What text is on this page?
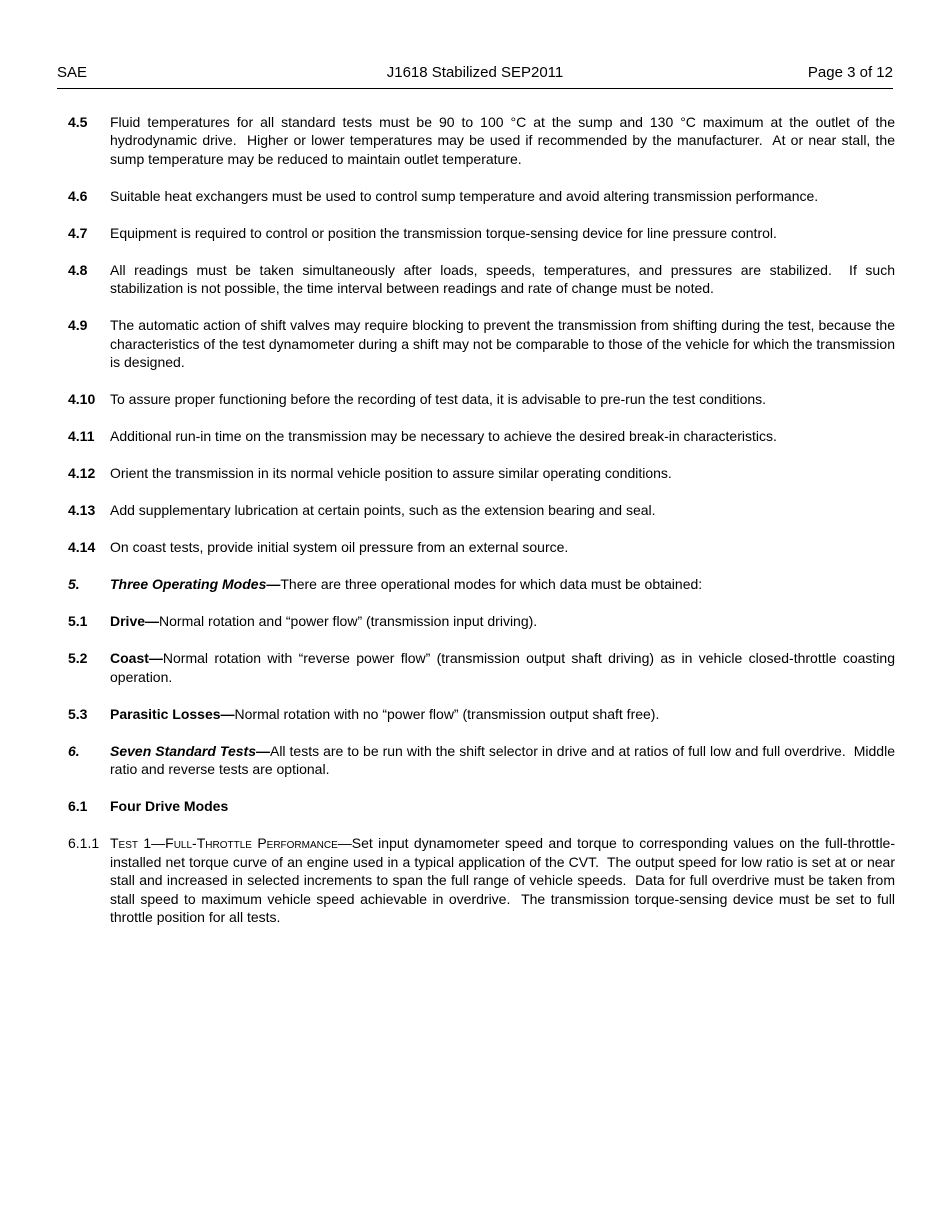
SAE	J1618 Stabilized SEP2011	Page 3 of 12
4.5	Fluid temperatures for all standard tests must be 90 to 100 °C at the sump and 130 °C maximum at the outlet of the hydrodynamic drive.  Higher or lower temperatures may be used if recommended by the manufacturer.  At or near stall, the sump temperature may be reduced to maintain outlet temperature.

4.6	Suitable heat exchangers must be used to control sump temperature and avoid altering transmission performance.

4.7	Equipment is required to control or position the transmission torque-sensing device for line pressure control.

4.8	All readings must be taken simultaneously after loads, speeds, temperatures, and pressures are stabilized.  If such stabilization is not possible, the time interval between readings and rate of change must be noted.

4.9	The automatic action of shift valves may require blocking to prevent the transmission from shifting during the test, because the characteristics of the test dynamometer during a shift may not be comparable to those of the vehicle for which the transmission is designed.

4.10	To assure proper functioning before the recording of test data, it is advisable to pre-run the test conditions.

4.11	Additional run-in time on the transmission may be necessary to achieve the desired break-in characteristics.

4.12	Orient the transmission in its normal vehicle position to assure similar operating conditions.

4.13	Add supplementary lubrication at certain points, such as the extension bearing and seal.

4.14	On coast tests, provide initial system oil pressure from an external source.

5.	Three Operating Modes—There are three operational modes for which data must be obtained:

5.1	Drive—Normal rotation and “power flow” (transmission input driving).

5.2	Coast—Normal rotation with “reverse power flow” (transmission output shaft driving) as in vehicle closed-throttle coasting operation.

5.3	Parasitic Losses—Normal rotation with no “power flow” (transmission output shaft free).

6.	Seven Standard Tests—All tests are to be run with the shift selector in drive and at ratios of full low and full overdrive.  Middle ratio and reverse tests are optional.

6.1	Four Drive Modes

6.1.1 Test 1—Full-Throttle Performance—Set input dynamometer speed and torque to corresponding values on the full-throttle-installed net torque curve of an engine used in a typical application of the CVT.  The output speed for low ratio is set at or near stall and increased in selected increments to span the full range of vehicle speeds.  Data for full overdrive must be taken from stall speed to maximum vehicle speed achievable in overdrive.  The transmission torque-sensing device must be set to full throttle position for all tests.
